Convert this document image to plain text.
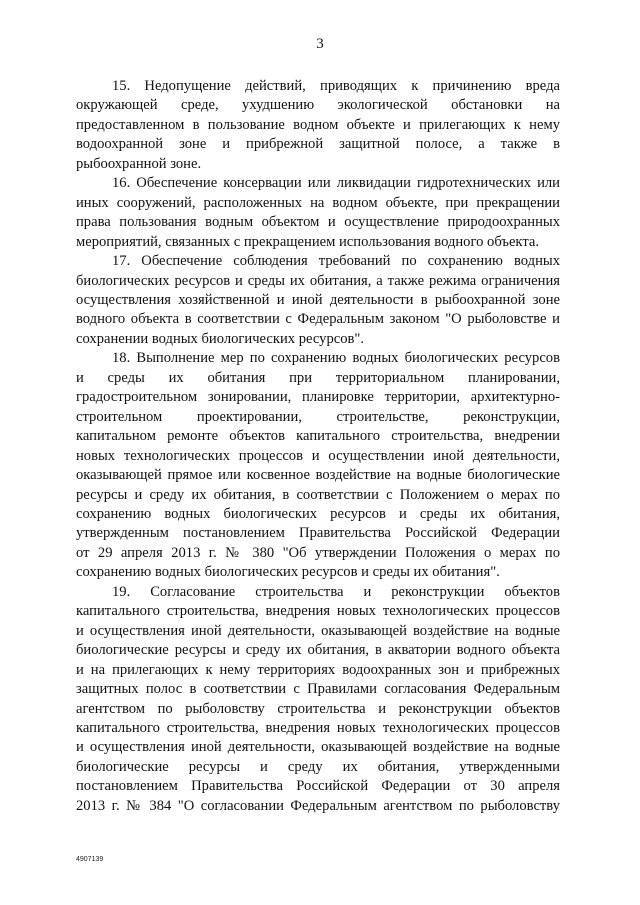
3

15. Недопущение действий, приводящих к причинению вреда
окружающей среде, ухудшению экологической обстановки на
предоставленном в пользование водном объекте и прилегающих к нему
водоохранной зоне и прибрежной защитной полосе, а также в
рыбоохранной зоне.

16. Обеспечение консервации или ликвидации гидротехнических или
иных сооружений, расположенных на водном объекте, при прекращении
права пользования водным объектом и осуществление природоохранных
мероприятий, связанных с прекращением использования водного объекта.

17. Обеспечение соблюдения требований по сохранению водных
биологических ресурсов и среды их обитания, а также режима ограничения
осуществления хозяйственной и иной деятельности в рыбоохранной зоне
водного объекта в соответствии с Федеральным законом "О рыболовстве и
сохранении водных биологических ресурсов".

18. Выполнение мер по сохранению водных биологических ресурсов
и среды их обитания при территориальном планировании,
градостроительном зонировании, планировке территории, архитектурно-
строительном проектировании, строительстве, реконструкции,
капитальном ремонте объектов капитального строительства, внедрении
новых технологических процессов и осуществлении иной деятельности,
оказывающей прямое или косвенное воздействие на водные биологические
ресурсы и среду их обитания, в соответствии с Положением о мерах по
сохранению водных биологических ресурсов и среды их обитания,
утвержденным постановлением Правительства Российской Федерации
от 29 апреля 2013 г. № 380 "Об утверждении Положения о мерах по
сохранению водных биологических ресурсов и среды их обитания".

19. Согласование строительства и реконструкции объектов
капитального строительства, внедрения новых технологических процессов
и осуществления иной деятельности, оказывающей воздействие на водные
биологические ресурсы и среду их обитания, в акватории водного объекта
и на прилегающих к нему территориях водоохранных зон и прибрежных
защитных полос в соответствии с Правилами согласования Федеральным
агентством по рыболовству строительства и реконструкции объектов
капитального строительства, внедрения новых технологических процессов
и осуществления иной деятельности, оказывающей воздействие на водные
биологические ресурсы и среду их обитания, утвержденными
постановлением Правительства Российской Федерации от 30 апреля
2013 г. № 384 "О согласовании Федеральным агентством по рыболовству

4907139
